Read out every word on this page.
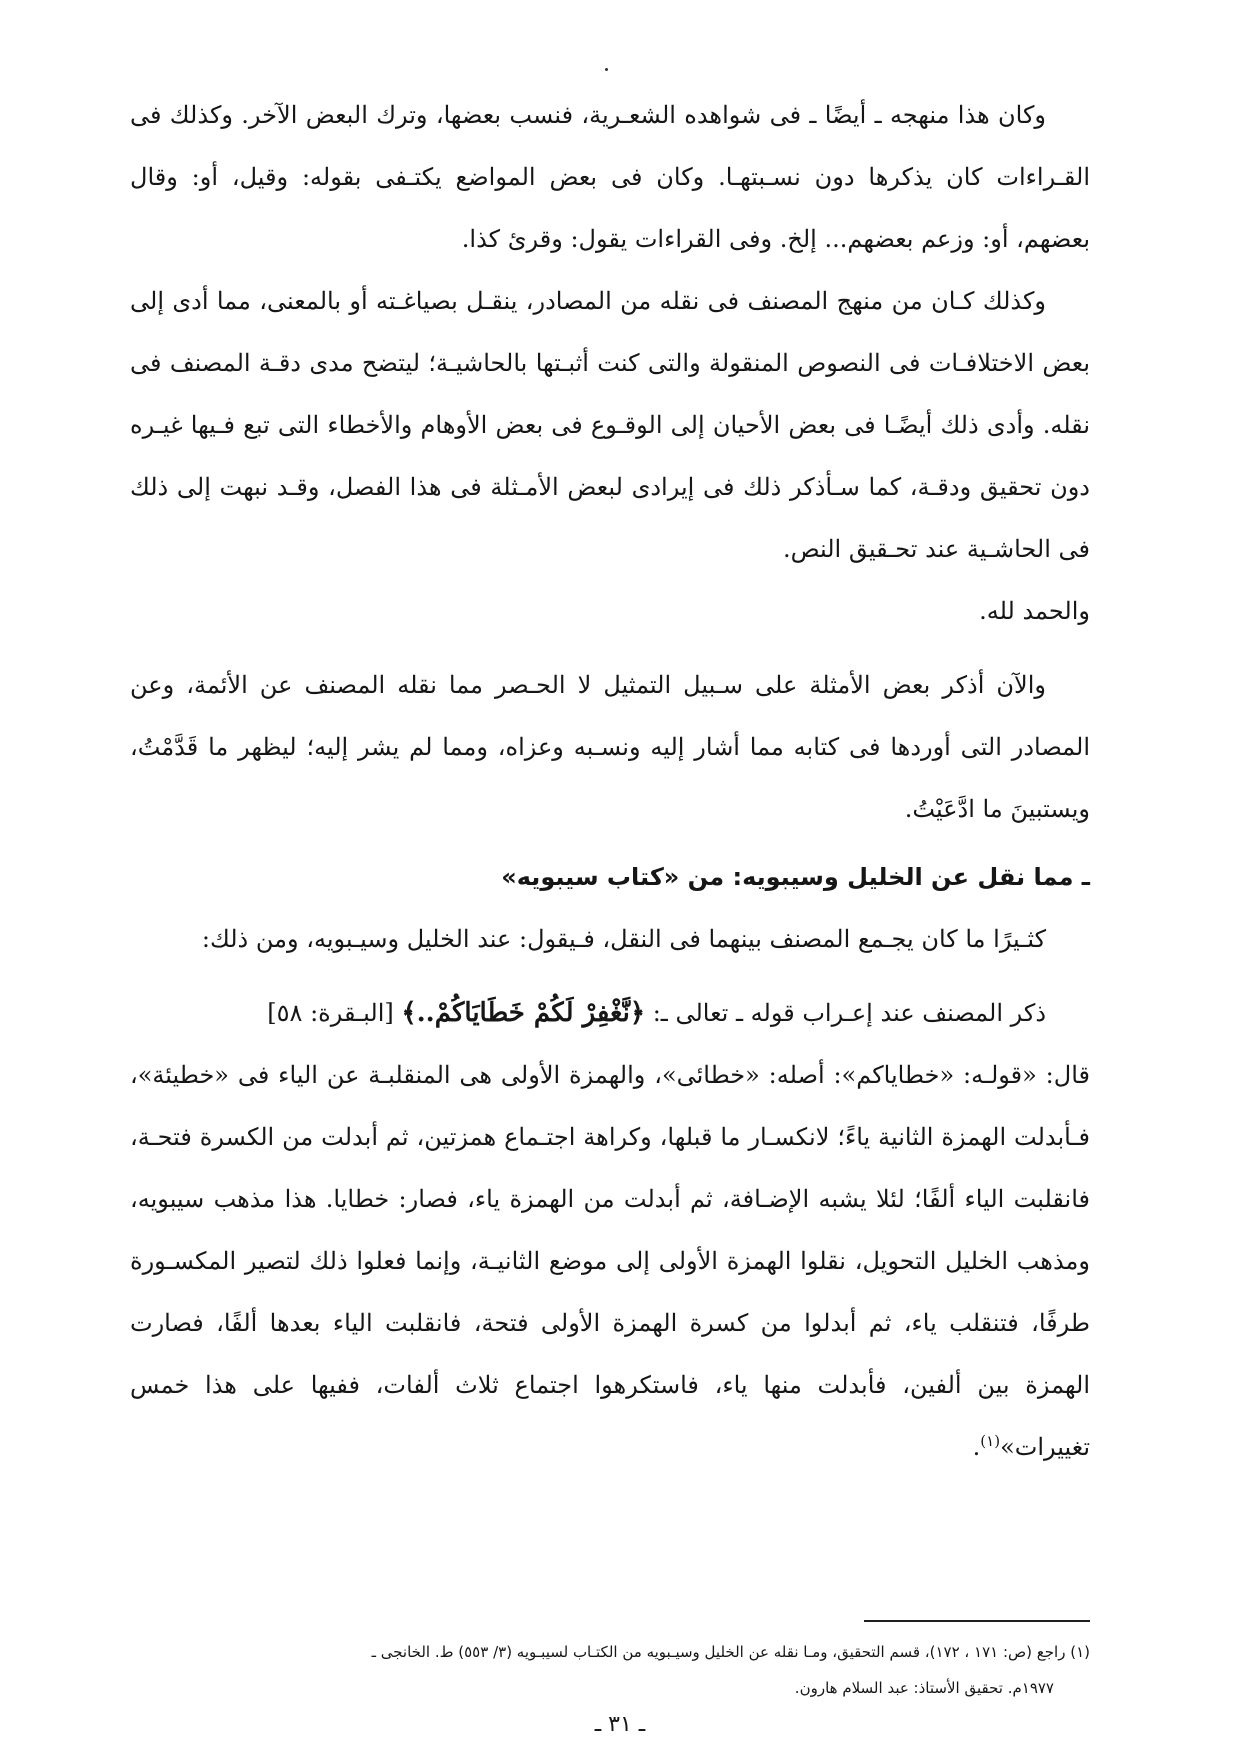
وكان هذا منهجه ـ أيضًا ـ فى شواهده الشعـرية، فنسب بعضها، وترك البعض الآخر. وكذلك فى القـراءات كان يذكرها دون نسـبتهـا. وكان فى بعض المواضع يكتـفى بقوله: وقيل، أو: وقال بعضهم، أو: وزعم بعضهم... إلخ. وفى القراءات يقول: وقرئ كذا.

وكذلك كـان من منهج المصنف فى نقله من المصادر، ينقـل بصياغـته أو بالمعنى، مما أدى إلى بعض الاختلافـات فى النصوص المنقولة والتى كنت أثبـتها بالحاشيـة؛ ليتضح مدى دقـة المصنف فى نقله. وأدى ذلك أيضًـا فى بعض الأحيان إلى الوقـوع فى بعض الأوهام والأخطاء التى تبع فـيها غيـره دون تحقيق ودقـة، كما سـأذكر ذلك فى إيرادى لبعض الأمـثلة فى هذا الفصل، وقـد نبهت إلى ذلك فى الحاشـية عند تحـقيق النص.

والحمد لله.

والآن أذكر بعض الأمثلة على سـبيل التمثيل لا الحـصر مما نقله المصنف عن الأئمة، وعن المصادر التى أوردها فى كتابه مما أشار إليه ونسـبه وعزاه، ومما لم يشر إليه؛ ليظهر ما قَدَّمْتُ، ويستبينَ ما ادَّعَيْتُ.

ـ مما نقل عن الخليل وسيبويه: من «كتاب سيبويه»

كثـيرًا ما كان يجـمع المصنف بينهما فى النقل، فـيقول: عند الخليل وسيـبويه، ومن ذلك:

ذكر المصنف عند إعـراب قوله ـ تعالى ـ: ﴿نَّغْفِرْ لَكُمْ خَطَايَاكُمْ..﴾ [البـقرة: ٥٨]

قال: «قولـه: «خطاياكم»: أصله: «خطائى»، والهمزة الأولى هى المنقلبـة عن الياء فى «خطيئة»، فـأبدلت الهمزة الثانية ياءً؛ لانكسـار ما قبلها، وكراهة اجتـماع همزتين، ثم أبدلت من الكسرة فتحـة، فانقلبت الياء ألفًا؛ لئلا يشبه الإضـافة، ثم أبدلت من الهمزة ياء، فصار: خطايا. هذا مذهب سيبويه، ومذهب الخليل التحويل، نقلوا الهمزة الأولى إلى موضع الثانيـة، وإنما فعلوا ذلك لتصير المكسـورة طرفًا، فتنقلب ياء، ثم أبدلوا من كسرة الهمزة الأولى فتحة، فانقلبت الياء بعدها ألفًا، فصارت الهمزة بين ألفين، فأبدلت منها ياء، فاستكرهوا اجتماع ثلاث ألفات، ففيها على هذا خمس تغييرات»$^{(١)}$.

(١) راجع (ص: ١٧١ ، ١٧٢)، قسم التحقيق، ومـا نقله عن الخليل وسيـبويه من الكتـاب لسيبـويه (٣/ ٥٥٣) ط. الخانجى ـ
١٩٧٧م. تحقيق الأستاذ: عبد السلام هارون.

ـ ٣١ ـ
